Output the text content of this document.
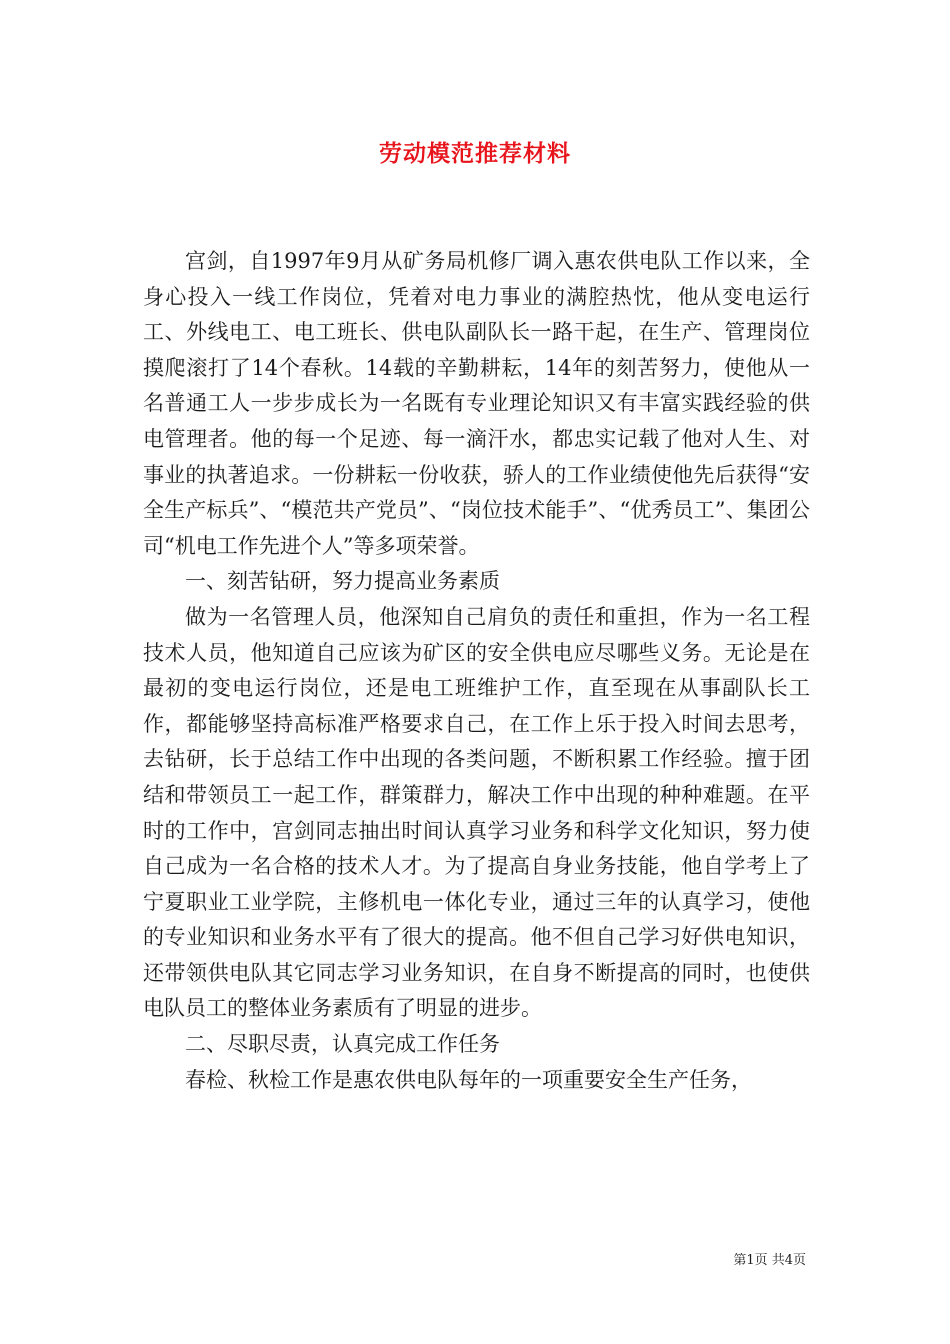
劳动模范推荐材料

宫剑，自1997年9月从矿务局机修厂调入惠农供电队工作以来，全身心投入一线工作岗位，凭着对电力事业的满腔热忱，他从变电运行工、外线电工、电工班长、供电队副队长一路干起，在生产、管理岗位摸爬滚打了14个春秋。14载的辛勤耕耘，14年的刻苦努力，使他从一名普通工人一步步成长为一名既有专业理论知识又有丰富实践经验的供电管理者。他的每一个足迹、每一滴汗水，都忠实记载了他对人生、对事业的执著追求。一份耕耘一份收获，骄人的工作业绩使他先后获得“安全生产标兵”、“模范共产党员”、“岗位技术能手”、“优秀员工”、集团公司“机电工作先进个人”等多项荣誉。

一、刻苦钻研，努力提高业务素质

做为一名管理人员，他深知自己肩负的责任和重担，作为一名工程技术人员，他知道自己应该为矿区的安全供电应尽哪些义务。无论是在最初的变电运行岗位，还是电工班维护工作，直至现在从事副队长工作，都能够坚持高标准严格要求自己，在工作上乐于投入时间去思考，去钻研，长于总结工作中出现的各类问题，不断积累工作经验。擅于团结和带领员工一起工作，群策群力，解决工作中出现的种种难题。在平时的工作中，宫剑同志抽出时间认真学习业务和科学文化知识，努力使自己成为一名合格的技术人才。为了提高自身业务技能，他自学考上了宁夏职业工业学院，主修机电一体化专业，通过三年的认真学习，使他的专业知识和业务水平有了很大的提高。他不但自己学习好供电知识，还带领供电队其它同志学习业务知识，在自身不断提高的同时，也使供电队员工的整体业务素质有了明显的进步。

二、尽职尽责，认真完成工作任务

春检、秋检工作是惠农供电队每年的一项重要安全生产任务，

第1页 共4页
